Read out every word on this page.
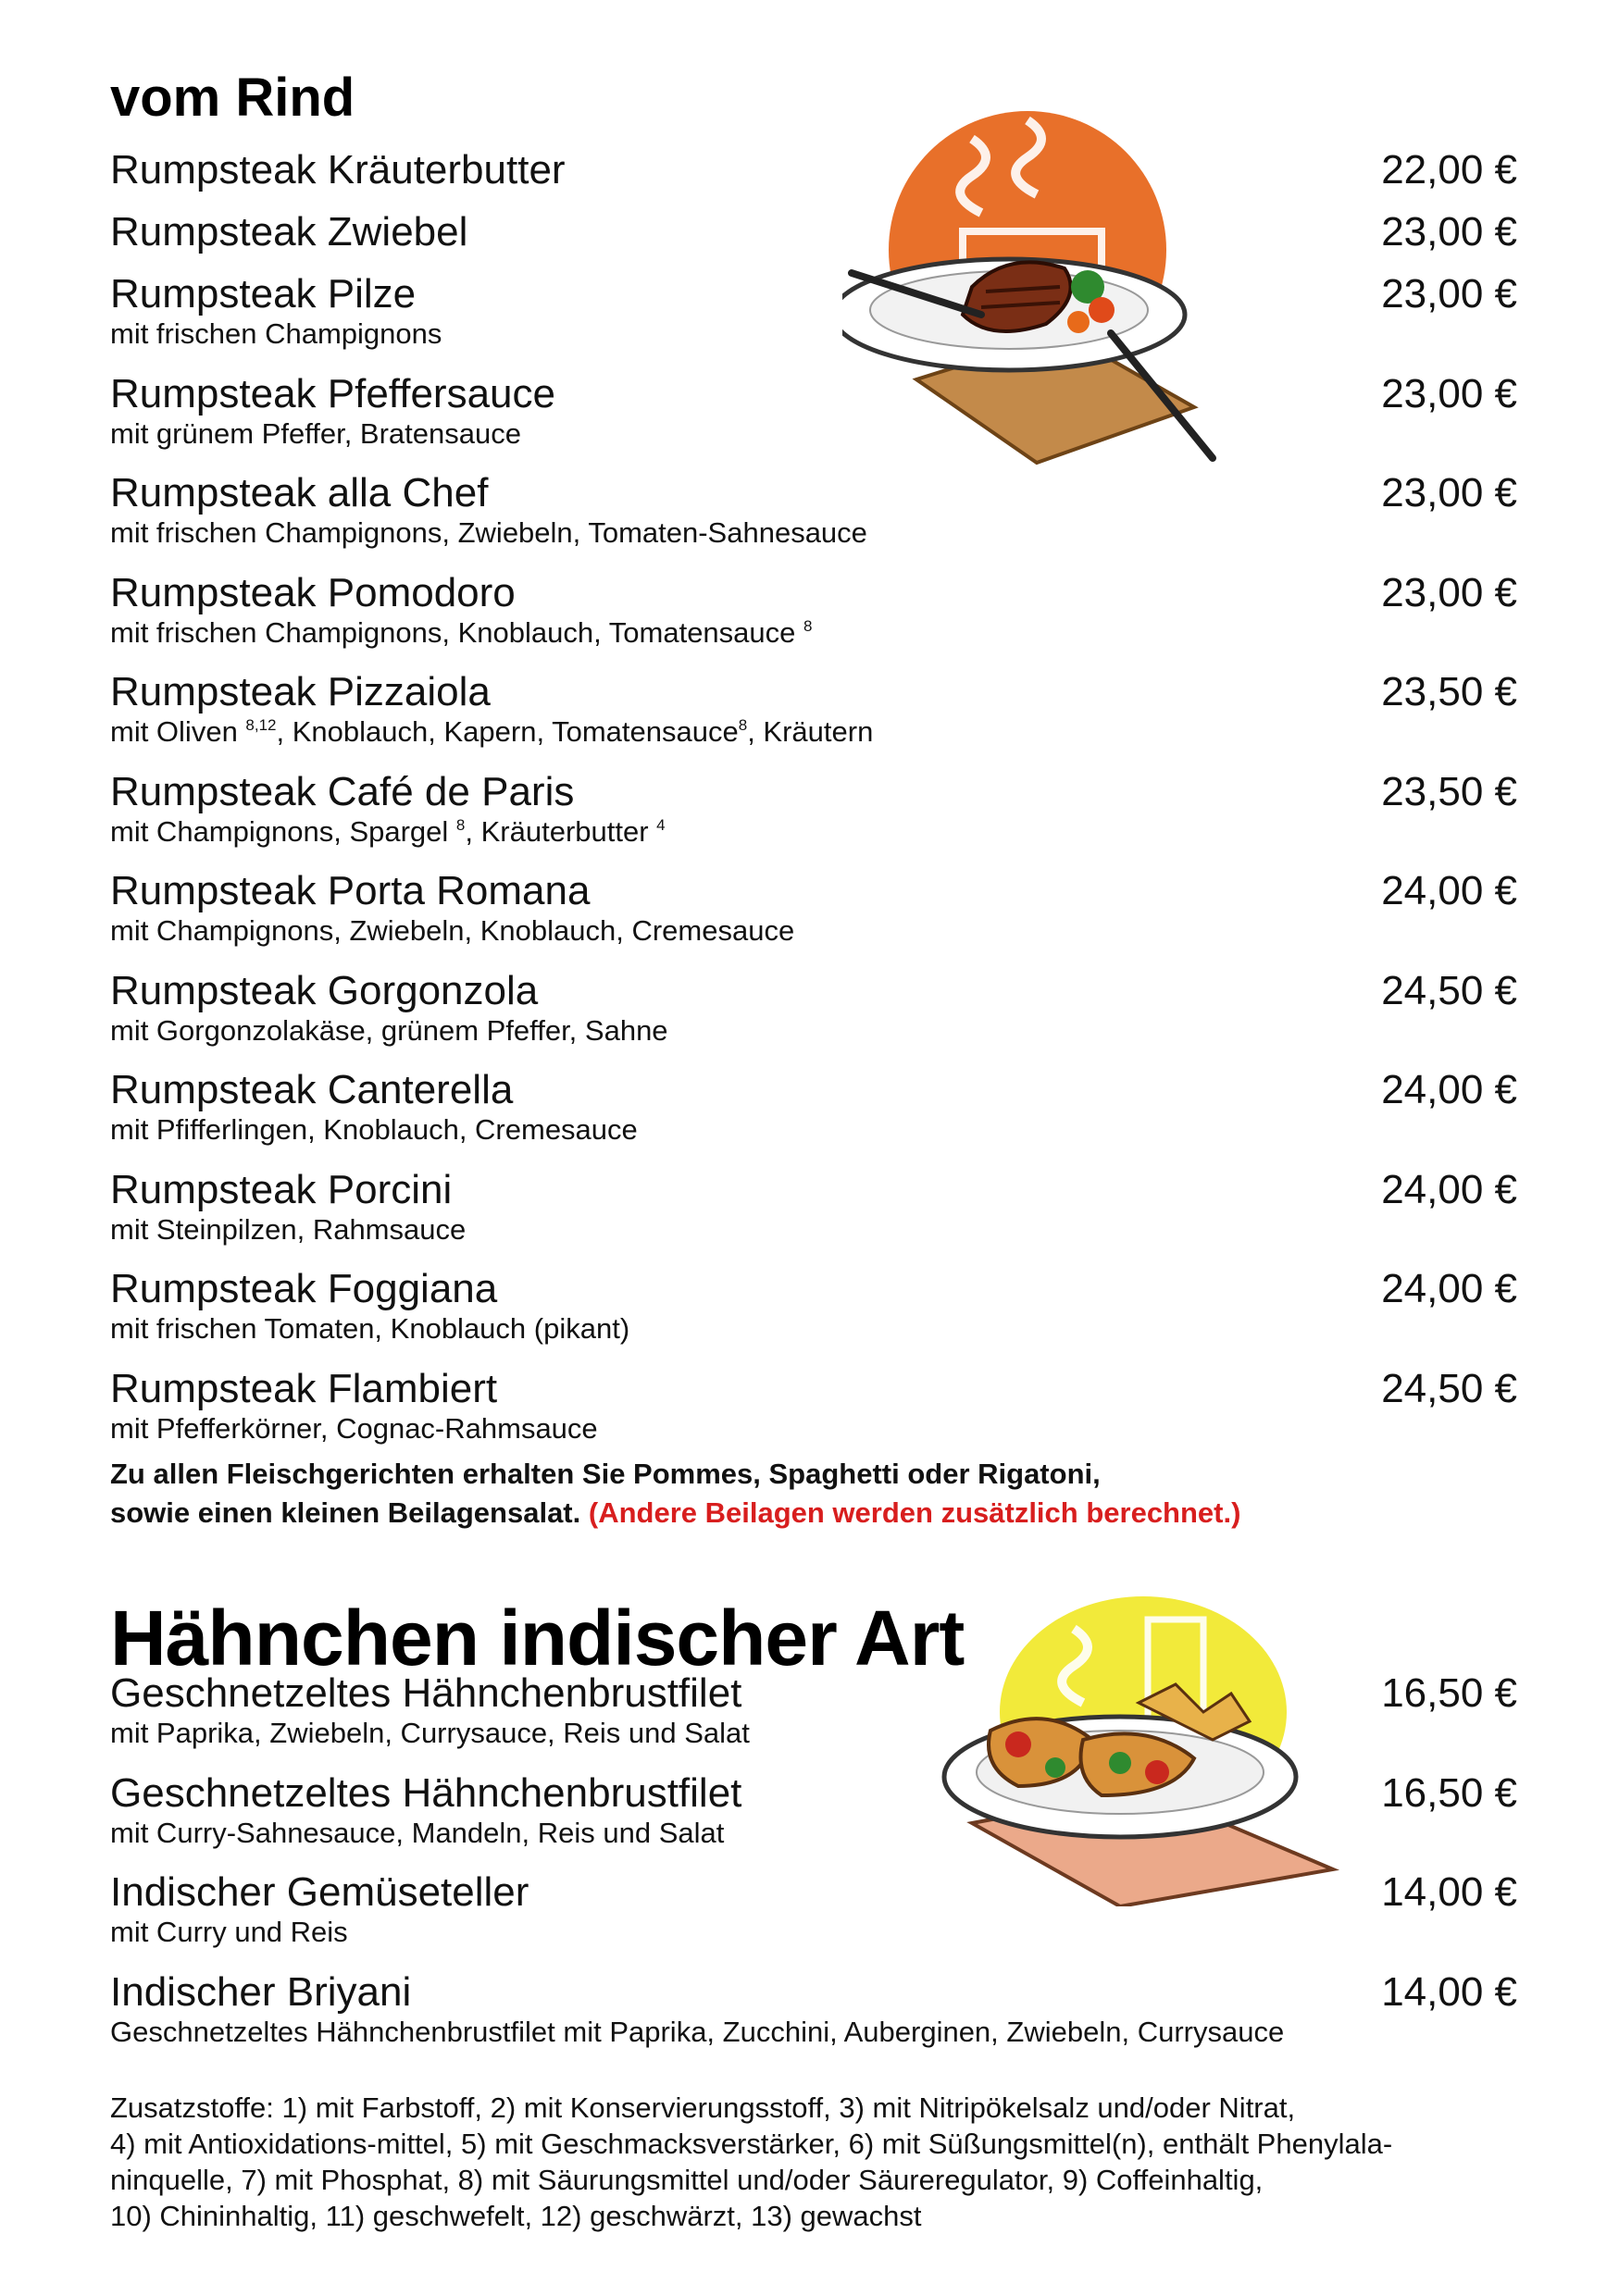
vom Rind
Rumpsteak Kräuterbutter	22,00 €
Rumpsteak Zwiebel	23,00 €
Rumpsteak Pilze	23,00 €
mit frischen Champignons
Rumpsteak Pfeffersauce	23,00 €
mit grünem Pfeffer, Bratensauce
Rumpsteak alla Chef	23,00 €
mit frischen Champignons, Zwiebeln, Tomaten-Sahnesauce
Rumpsteak Pomodoro	23,00 €
mit frischen Champignons, Knoblauch, Tomatensauce $^8$
Rumpsteak Pizzaiola	23,50 €
mit Oliven $^{8,12}$, Knoblauch, Kapern, Tomatensauce$^8$, Kräutern
Rumpsteak Café de Paris	23,50 €
mit Champignons, Spargel $^8$, Kräuterbutter $^4$
Rumpsteak Porta Romana	24,00 €
mit Champignons, Zwiebeln, Knoblauch, Cremesauce
Rumpsteak Gorgonzola	24,50 €
mit Gorgonzolakäse, grünem Pfeffer, Sahne
Rumpsteak Canterella	24,00 €
mit Pfifferlingen, Knoblauch, Cremesauce
Rumpsteak Porcini	24,00 €
mit Steinpilzen, Rahmsauce
Rumpsteak Foggiana	24,00 €
mit frischen Tomaten, Knoblauch (pikant)
Rumpsteak Flambiert	24,50 €
mit Pfefferkörner, Cognac-Rahmsauce

Zu allen Fleischgerichten erhalten Sie Pommes, Spaghetti oder Rigatoni,
sowie einen kleinen Beilagensalat. (Andere Beilagen werden zusätzlich berechnet.)

Hähnchen indischer Art
Geschnetzeltes Hähnchenbrustfilet	16,50 €
mit Paprika, Zwiebeln, Currysauce, Reis und Salat
Geschnetzeltes Hähnchenbrustfilet	16,50 €
mit Curry-Sahnesauce, Mandeln, Reis und Salat
Indischer Gemüseteller	14,00 €
mit Curry und Reis
Indischer Briyani	14,00 €
Geschnetzeltes Hähnchenbrustfilet mit Paprika, Zucchini, Auberginen, Zwiebeln, Currysauce

Zusatzstoffe: 1) mit Farbstoff, 2) mit Konservierungsstoff, 3) mit Nitripökelsalz und/oder Nitrat,
4) mit Antioxidations-mittel, 5) mit Geschmacksverstärker, 6) mit Süßungsmittel(n), enthält Phenylala-
ninquelle, 7) mit Phosphat, 8) mit Säurungsmittel und/oder Säureregulator, 9) Coffeinhaltig,
10) Chininhaltig, 11) geschwefelt, 12) geschwärzt, 13) gewachst
